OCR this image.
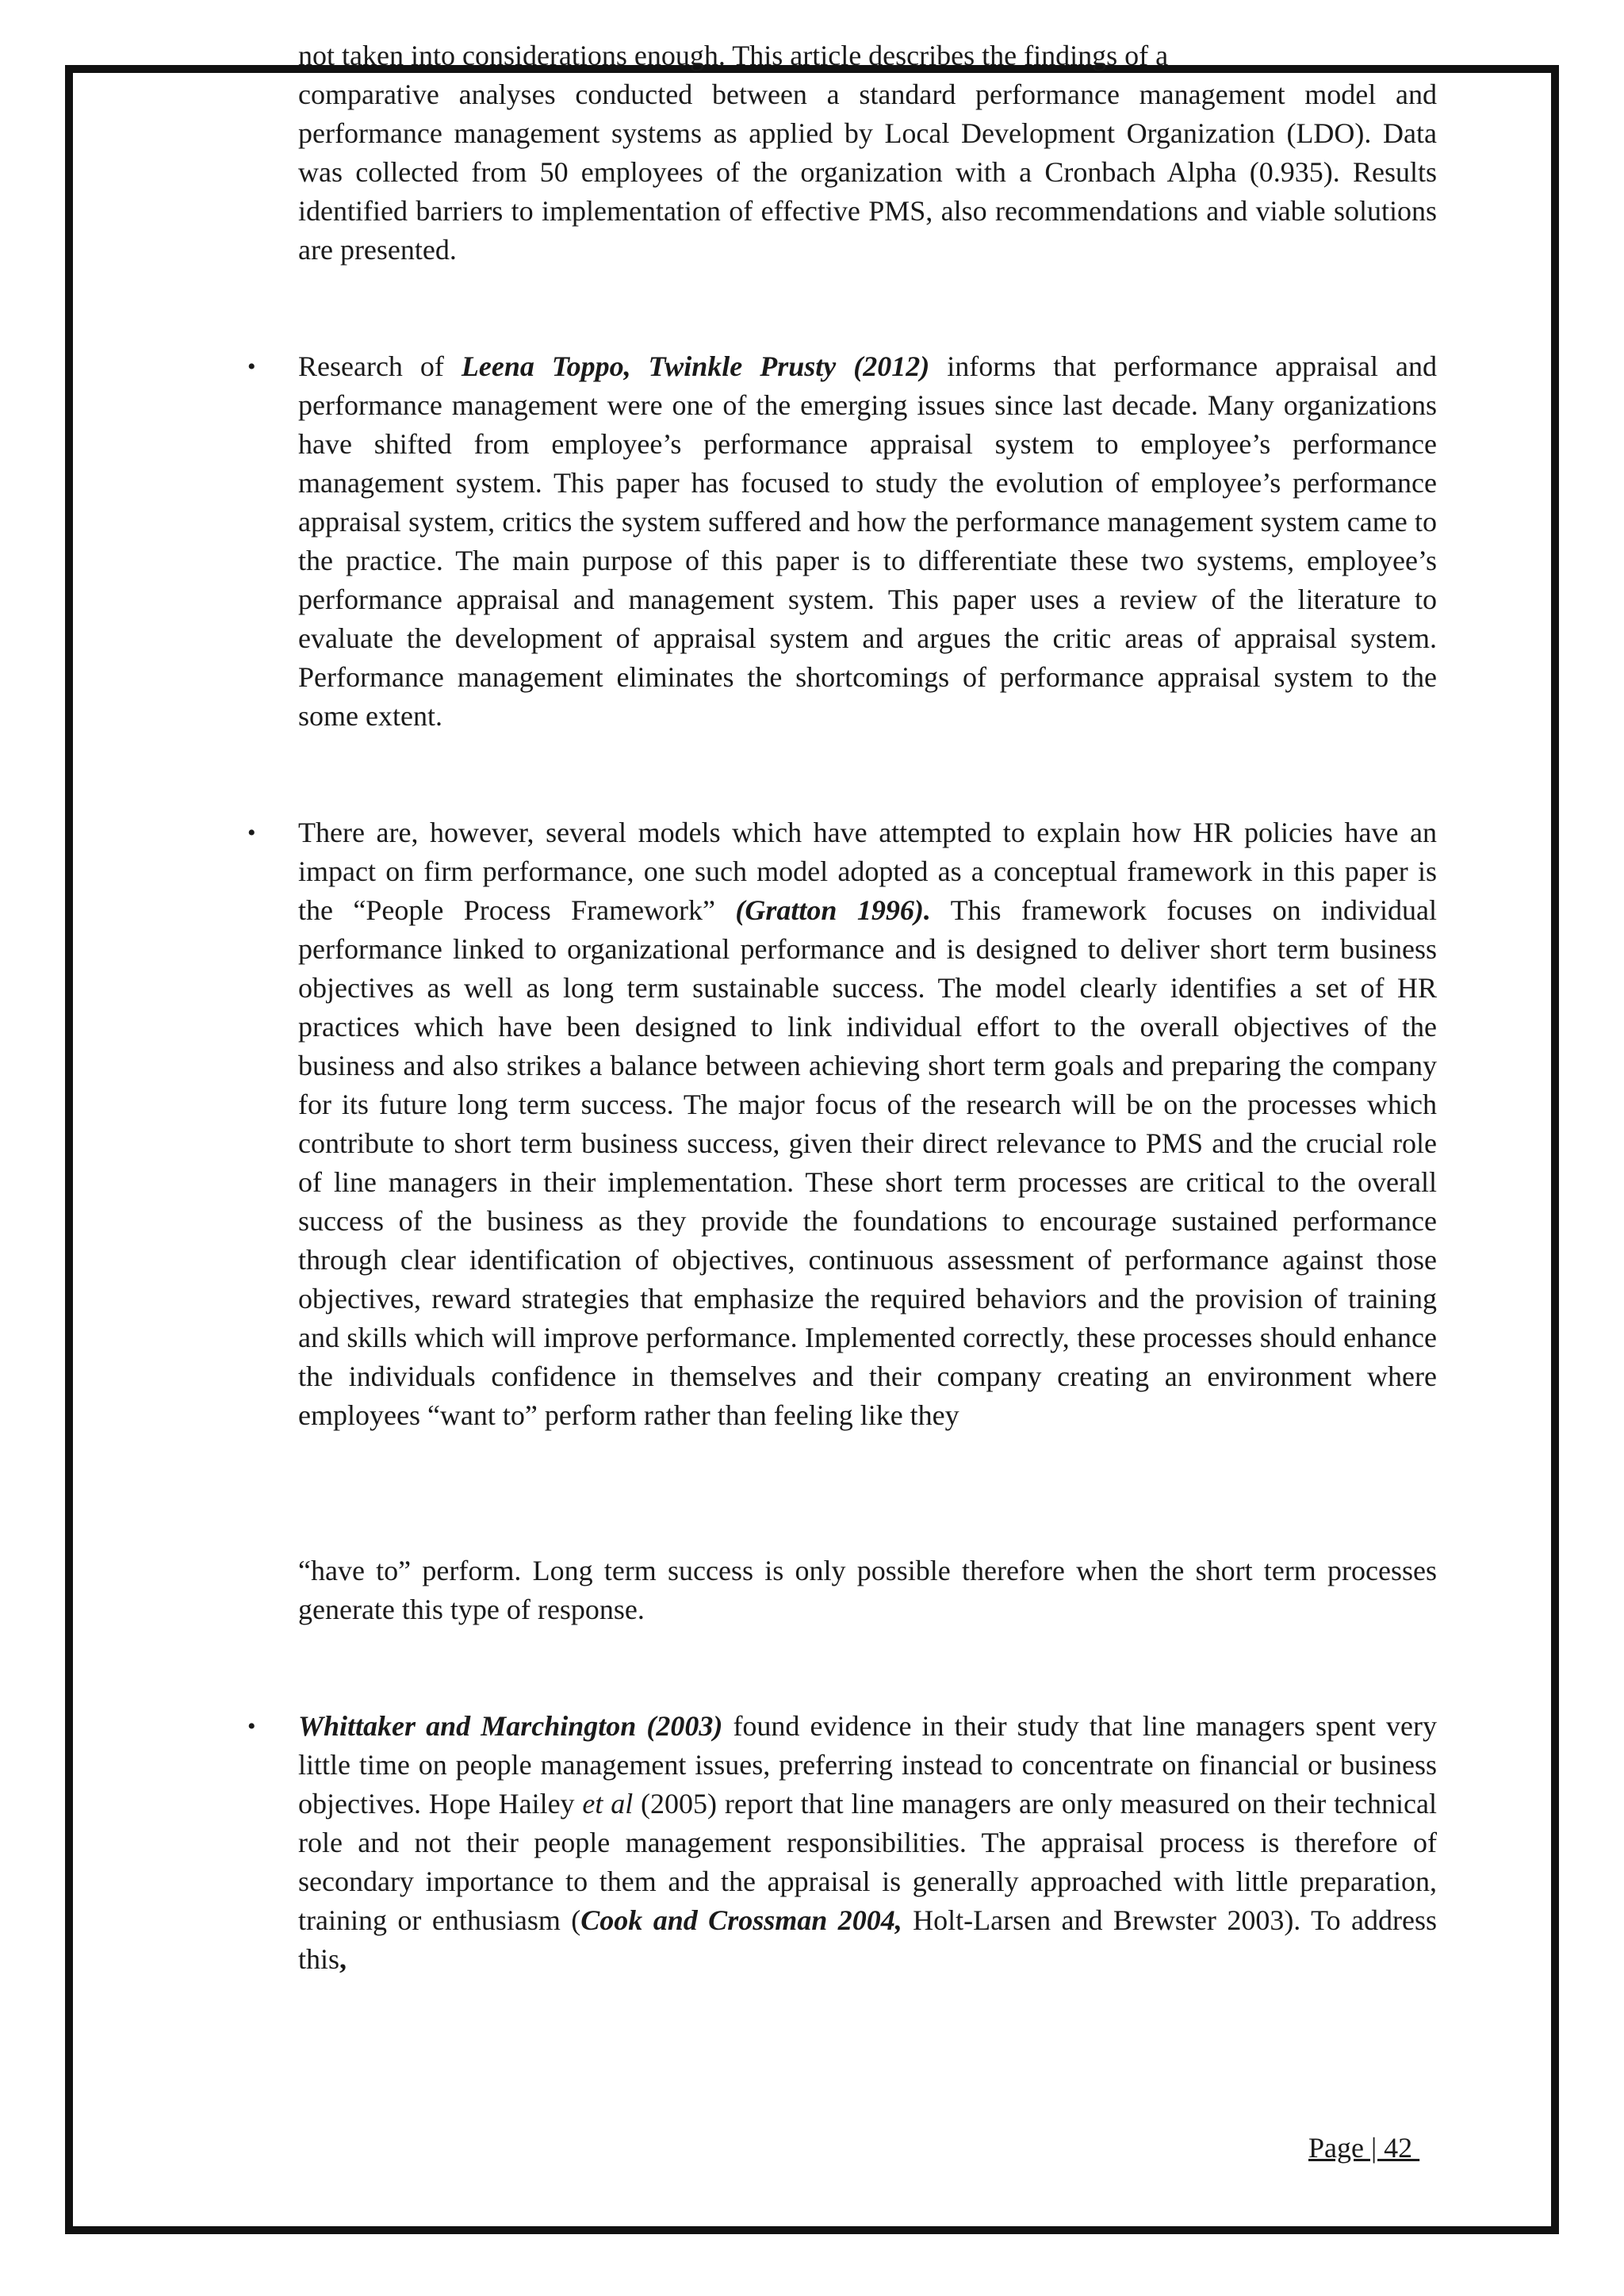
not taken into considerations enough. This article describes the findings of a

comparative analyses conducted between a standard performance management model and performance management systems as applied by Local Development Organization (LDO). Data was collected from 50 employees of the organization with a Cronbach Alpha (0.935). Results identified barriers to implementation of effective PMS, also recommendations and viable solutions are presented.

• Research of Leena Toppo, Twinkle Prusty (2012) informs that performance appraisal and performance management were one of the emerging issues since last decade. Many organizations have shifted from employee’s performance appraisal system to employee’s performance management system. This paper has focused to study the evolution of employee’s performance appraisal system, critics the system suffered and how the performance management system came to the practice. The main purpose of this paper is to differentiate these two systems, employee’s performance appraisal and management system. This paper uses a review of the literature to evaluate the development of appraisal system and argues the critic areas of appraisal system. Performance management eliminates the shortcomings of performance appraisal system to the some extent.

• There are, however, several models which have attempted to explain how HR policies have an impact on firm performance, one such model adopted as a conceptual framework in this paper is the “People Process Framework” (Gratton 1996). This framework focuses on individual performance linked to organizational performance and is designed to deliver short term business objectives as well as long term sustainable success. The model clearly identifies a set of HR practices which have been designed to link individual effort to the overall objectives of the business and also strikes a balance between achieving short term goals and preparing the company for its future long term success. The major focus of the research will be on the processes which contribute to short term business success, given their direct relevance to PMS and the crucial role of line managers in their implementation. These short term processes are critical to the overall success of the business as they provide the foundations to encourage sustained performance through clear identification of objectives, continuous assessment of performance against those objectives, reward strategies that emphasize the required behaviors and the provision of training and skills which will improve performance. Implemented correctly, these processes should enhance the individuals confidence in themselves and their company creating an environment where employees “want to” perform rather than feeling like they

“have to” perform. Long term success is only possible therefore when the short term processes generate this type of response.

• Whittaker and Marchington (2003) found evidence in their study that line managers spent very little time on people management issues, preferring instead to concentrate on financial or business objectives. Hope Hailey et al (2005) report that line managers are only measured on their technical role and not their people management responsibilities. The appraisal process is therefore of secondary importance to them and the appraisal is generally approached with little preparation, training or enthusiasm (Cook and Crossman 2004, Holt-Larsen and Brewster 2003). To address this,

Page | 42
